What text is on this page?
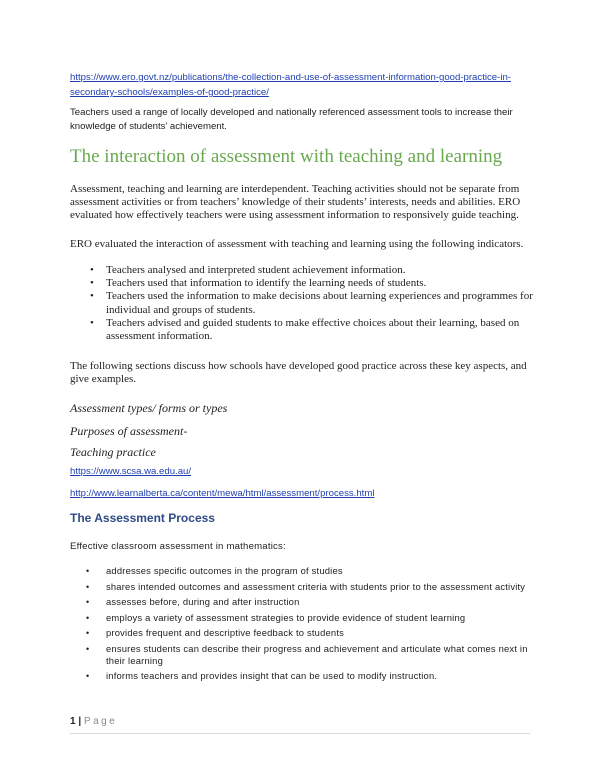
https://www.ero.govt.nz/publications/the-collection-and-use-of-assessment-information-good-practice-in-secondary-schools/examples-of-good-practice/
Teachers used a range of locally developed and nationally referenced assessment tools to increase their knowledge of students’ achievement.
The interaction of assessment with teaching and learning
Assessment, teaching and learning are interdependent. Teaching activities should not be separate from assessment activities or from teachers’ knowledge of their students’ interests, needs and abilities. ERO evaluated how effectively teachers were using assessment information to responsively guide teaching.
ERO evaluated the interaction of assessment with teaching and learning using the following indicators.
• Teachers analysed and interpreted student achievement information.
• Teachers used that information to identify the learning needs of students.
• Teachers used the information to make decisions about learning experiences and programmes for individual and groups of students.
• Teachers advised and guided students to make effective choices about their learning, based on assessment information.
The following sections discuss how schools have developed good practice across these key aspects, and give examples.
Assessment types/ forms or types
Purposes of assessment-
Teaching practice
https://www.scsa.wa.edu.au/
http://www.learnalberta.ca/content/mewa/html/assessment/process.html
The Assessment Process
Effective classroom assessment in mathematics:
• addresses specific outcomes in the program of studies
• shares intended outcomes and assessment criteria with students prior to the assessment activity
• assesses before, during and after instruction
• employs a variety of assessment strategies to provide evidence of student learning
• provides frequent and descriptive feedback to students
• ensures students can describe their progress and achievement and articulate what comes next in their learning
• informs teachers and provides insight that can be used to modify instruction.
1 | Page
